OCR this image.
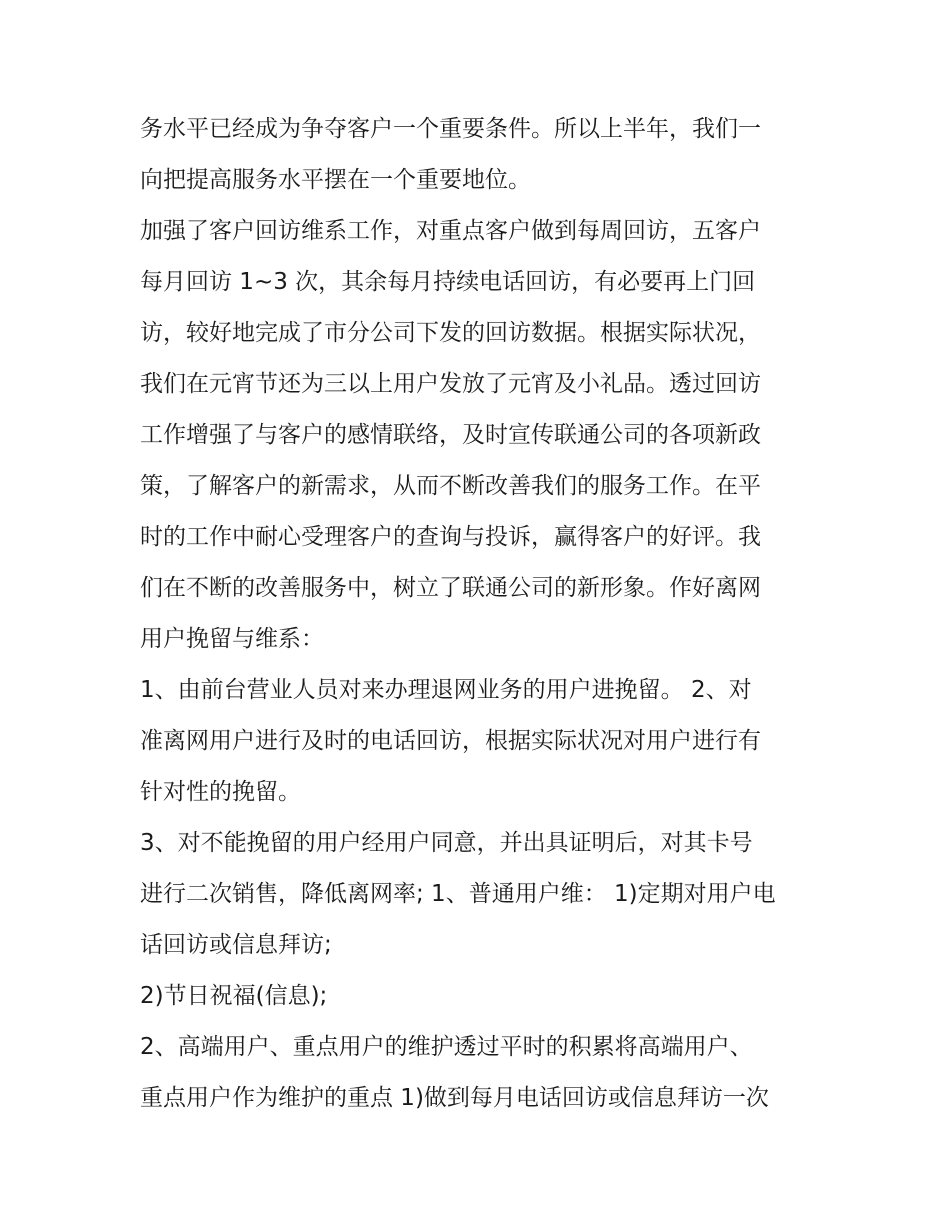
务水平已经成为争夺客户一个重要条件。所以上半年，我们一
向把提高服务水平摆在一个重要地位。
加强了客户回访维系工作，对重点客户做到每周回访，五客户
每月回访 1~3 次，其余每月持续电话回访，有必要再上门回
访，较好地完成了市分公司下发的回访数据。根据实际状况，
我们在元宵节还为三以上用户发放了元宵及小礼品。透过回访
工作增强了与客户的感情联络，及时宣传联通公司的各项新政
策，了解客户的新需求，从而不断改善我们的服务工作。在平
时的工作中耐心受理客户的查询与投诉，赢得客户的好评。我
们在不断的改善服务中，树立了联通公司的新形象。作好离网
用户挽留与维系：
1、由前台营业人员对来办理退网业务的用户进挽留。 2、对
准离网用户进行及时的电话回访，根据实际状况对用户进行有
针对性的挽留。
3、对不能挽留的用户经用户同意，并出具证明后，对其卡号
进行二次销售，降低离网率; 1、普通用户维： 1)定期对用户电
话回访或信息拜访;
2)节日祝福(信息);
2、高端用户、重点用户的维护透过平时的积累将高端用户、
重点用户作为维护的重点 1)做到每月电话回访或信息拜访一次
